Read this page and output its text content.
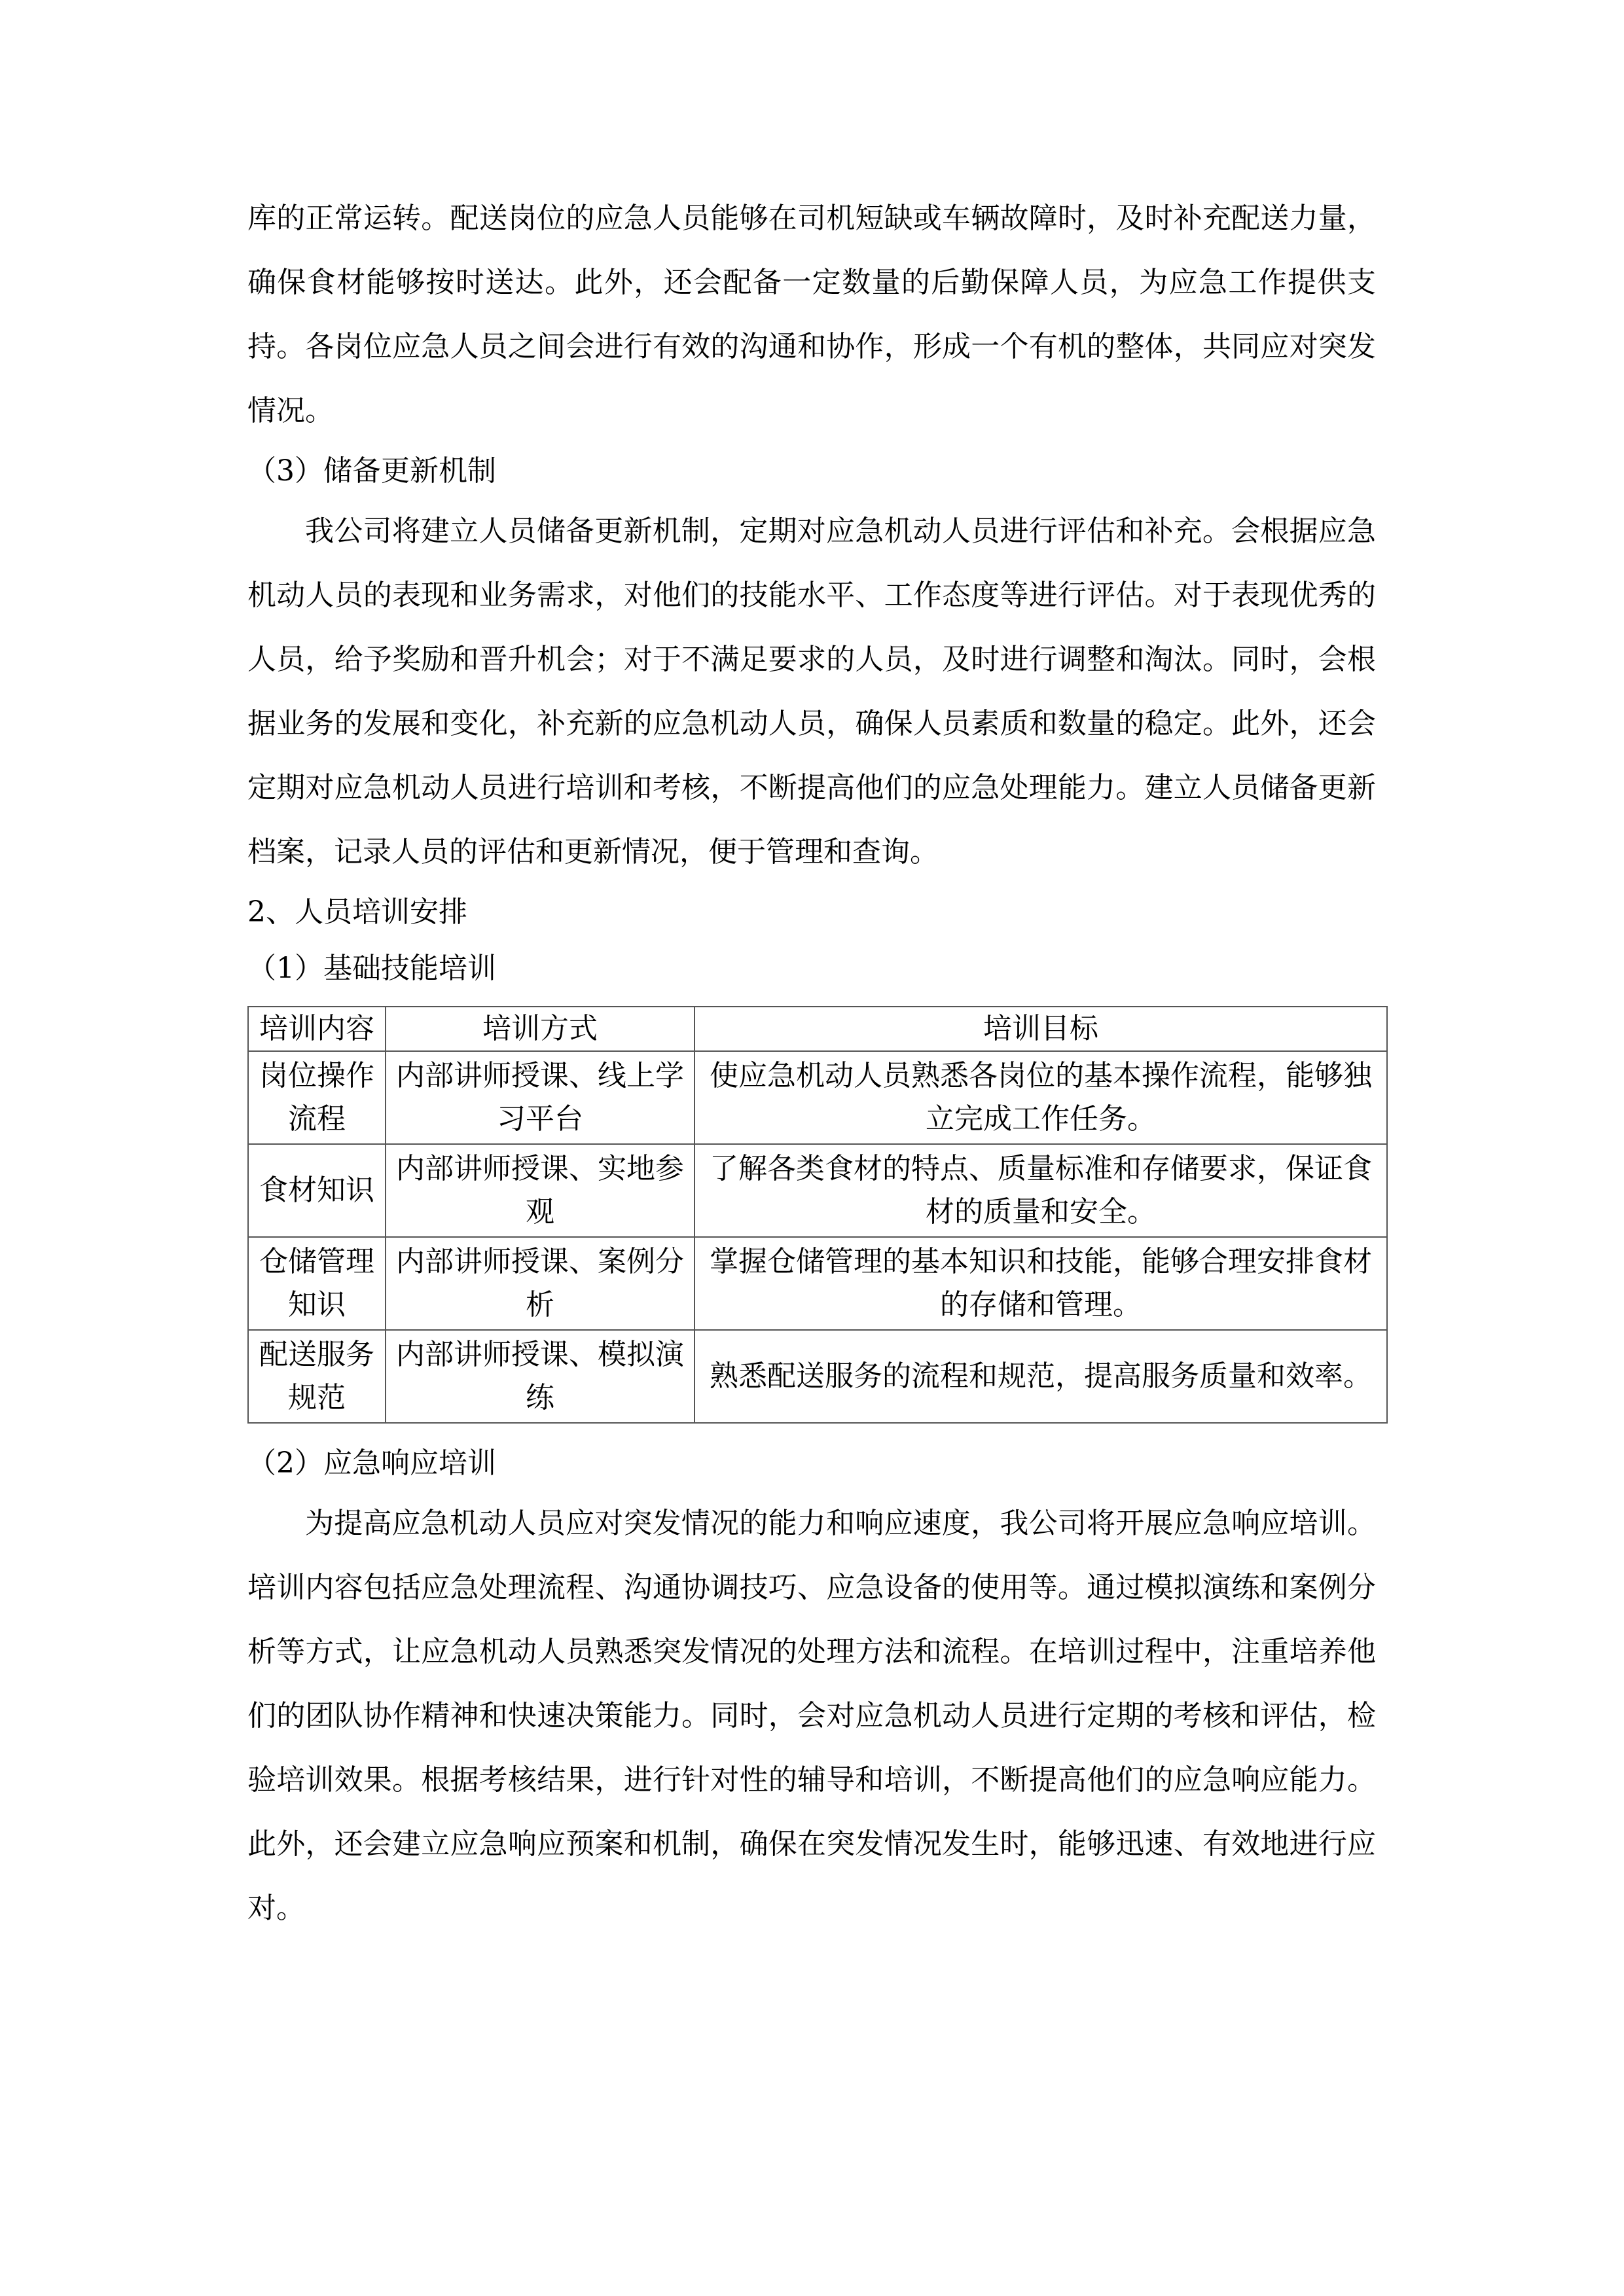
库的正常运转。配送岗位的应急人员能够在司机短缺或车辆故障时，及时补充配送力量，确保食材能够按时送达。此外，还会配备一定数量的后勤保障人员，为应急工作提供支持。各岗位应急人员之间会进行有效的沟通和协作，形成一个有机的整体，共同应对突发情况。

（3）储备更新机制

我公司将建立人员储备更新机制，定期对应急机动人员进行评估和补充。会根据应急机动人员的表现和业务需求，对他们的技能水平、工作态度等进行评估。对于表现优秀的人员，给予奖励和晋升机会；对于不满足要求的人员，及时进行调整和淘汰。同时，会根据业务的发展和变化，补充新的应急机动人员，确保人员素质和数量的稳定。此外，还会定期对应急机动人员进行培训和考核，不断提高他们的应急处理能力。建立人员储备更新档案，记录人员的评估和更新情况，便于管理和查询。

2、人员培训安排

（1）基础技能培训

培训内容	培训方式	培训目标
岗位操作流程	内部讲师授课、线上学习平台	使应急机动人员熟悉各岗位的基本操作流程，能够独立完成工作任务。
食材知识	内部讲师授课、实地参观	了解各类食材的特点、质量标准和存储要求，保证食材的质量和安全。
仓储管理知识	内部讲师授课、案例分析	掌握仓储管理的基本知识和技能，能够合理安排食材的存储和管理。
配送服务规范	内部讲师授课、模拟演练	熟悉配送服务的流程和规范，提高服务质量和效率。

（2）应急响应培训

为提高应急机动人员应对突发情况的能力和响应速度，我公司将开展应急响应培训。培训内容包括应急处理流程、沟通协调技巧、应急设备的使用等。通过模拟演练和案例分析等方式，让应急机动人员熟悉突发情况的处理方法和流程。在培训过程中，注重培养他们的团队协作精神和快速决策能力。同时，会对应急机动人员进行定期的考核和评估，检验培训效果。根据考核结果，进行针对性的辅导和培训，不断提高他们的应急响应能力。此外，还会建立应急响应预案和机制，确保在突发情况发生时，能够迅速、有效地进行应对。
